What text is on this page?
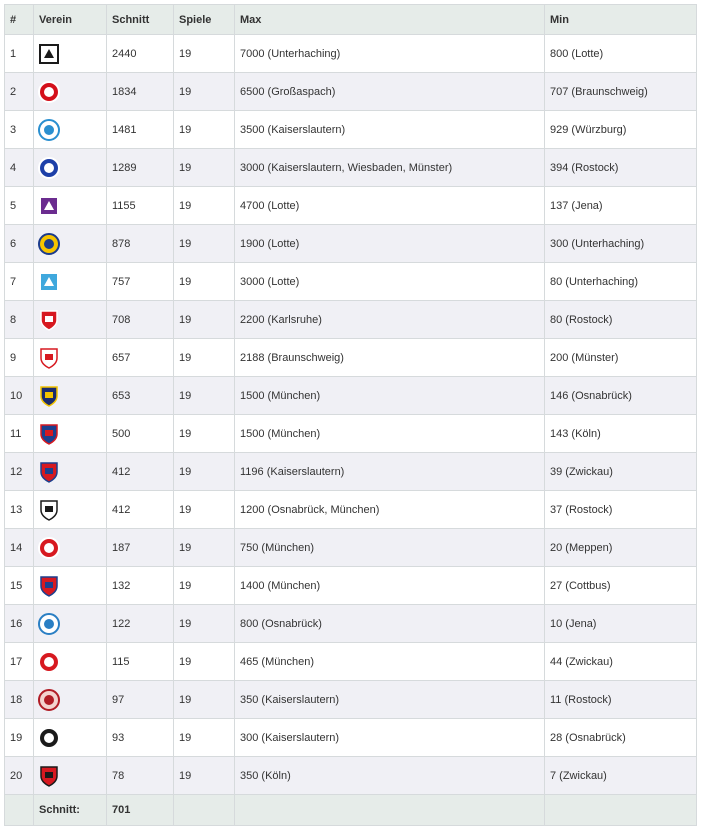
#	Verein	Schnitt	Spiele	Max	Min
1		2440	19	7000 (Unterhaching)	800 (Lotte)
2		1834	19	6500 (Großaspach)	707 (Braunschweig)
3		1481	19	3500 (Kaiserslautern)	929 (Würzburg)
4		1289	19	3000 (Kaiserslautern, Wiesbaden, Münster)	394 (Rostock)
5		1155	19	4700 (Lotte)	137 (Jena)
6		878	19	1900 (Lotte)	300 (Unterhaching)
7		757	19	3000 (Lotte)	80 (Unterhaching)
8		708	19	2200 (Karlsruhe)	80 (Rostock)
9		657	19	2188 (Braunschweig)	200 (Münster)
10		653	19	1500 (München)	146 (Osnabrück)
11		500	19	1500 (München)	143 (Köln)
12		412	19	1196 (Kaiserslautern)	39 (Zwickau)
13		412	19	1200 (Osnabrück, München)	37 (Rostock)
14		187	19	750 (München)	20 (Meppen)
15		132	19	1400 (München)	27 (Cottbus)
16		122	19	800 (Osnabrück)	10 (Jena)
17		115	19	465 (München)	44 (Zwickau)
18		97	19	350 (Kaiserslautern)	11 (Rostock)
19		93	19	300 (Kaiserslautern)	28 (Osnabrück)
20		78	19	350 (Köln)	7 (Zwickau)
	Schnitt:	701			
